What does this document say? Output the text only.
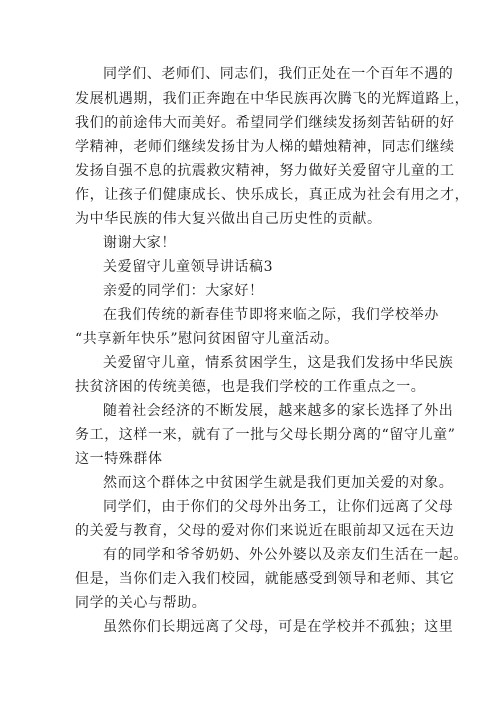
同学们、老师们、同志们，我们正处在一个百年不遇的
发展机遇期，我们正奔跑在中华民族再次腾飞的光辉道路上，
我们的前途伟大而美好。希望同学们继续发扬刻苦钻研的好
学精神，老师们继续发扬甘为人梯的蜡烛精神，同志们继续
发扬自强不息的抗震救灾精神，努力做好关爱留守儿童的工
作，让孩子们健康成长、快乐成长，真正成为社会有用之才，
为中华民族的伟大复兴做出自己历史性的贡献。
谢谢大家！
关爱留守儿童领导讲话稿3
亲爱的同学们：大家好！
在我们传统的新春佳节即将来临之际，我们学校举办
“共享新年快乐”慰问贫困留守儿童活动。
关爱留守儿童，情系贫困学生，这是我们发扬中华民族
扶贫济困的传统美德，也是我们学校的工作重点之一。
随着社会经济的不断发展，越来越多的家长选择了外出
务工，这样一来，就有了一批与父母长期分离的“留守儿童”
这一特殊群体
然而这个群体之中贫困学生就是我们更加关爱的对象。
同学们，由于你们的父母外出务工，让你们远离了父母
的关爱与教育，父母的爱对你们来说近在眼前却又远在天边
有的同学和爷爷奶奶、外公外婆以及亲友们生活在一起。
但是，当你们走入我们校园，就能感受到领导和老师、其它
同学的关心与帮助。
虽然你们长期远离了父母，可是在学校并不孤独；这里
